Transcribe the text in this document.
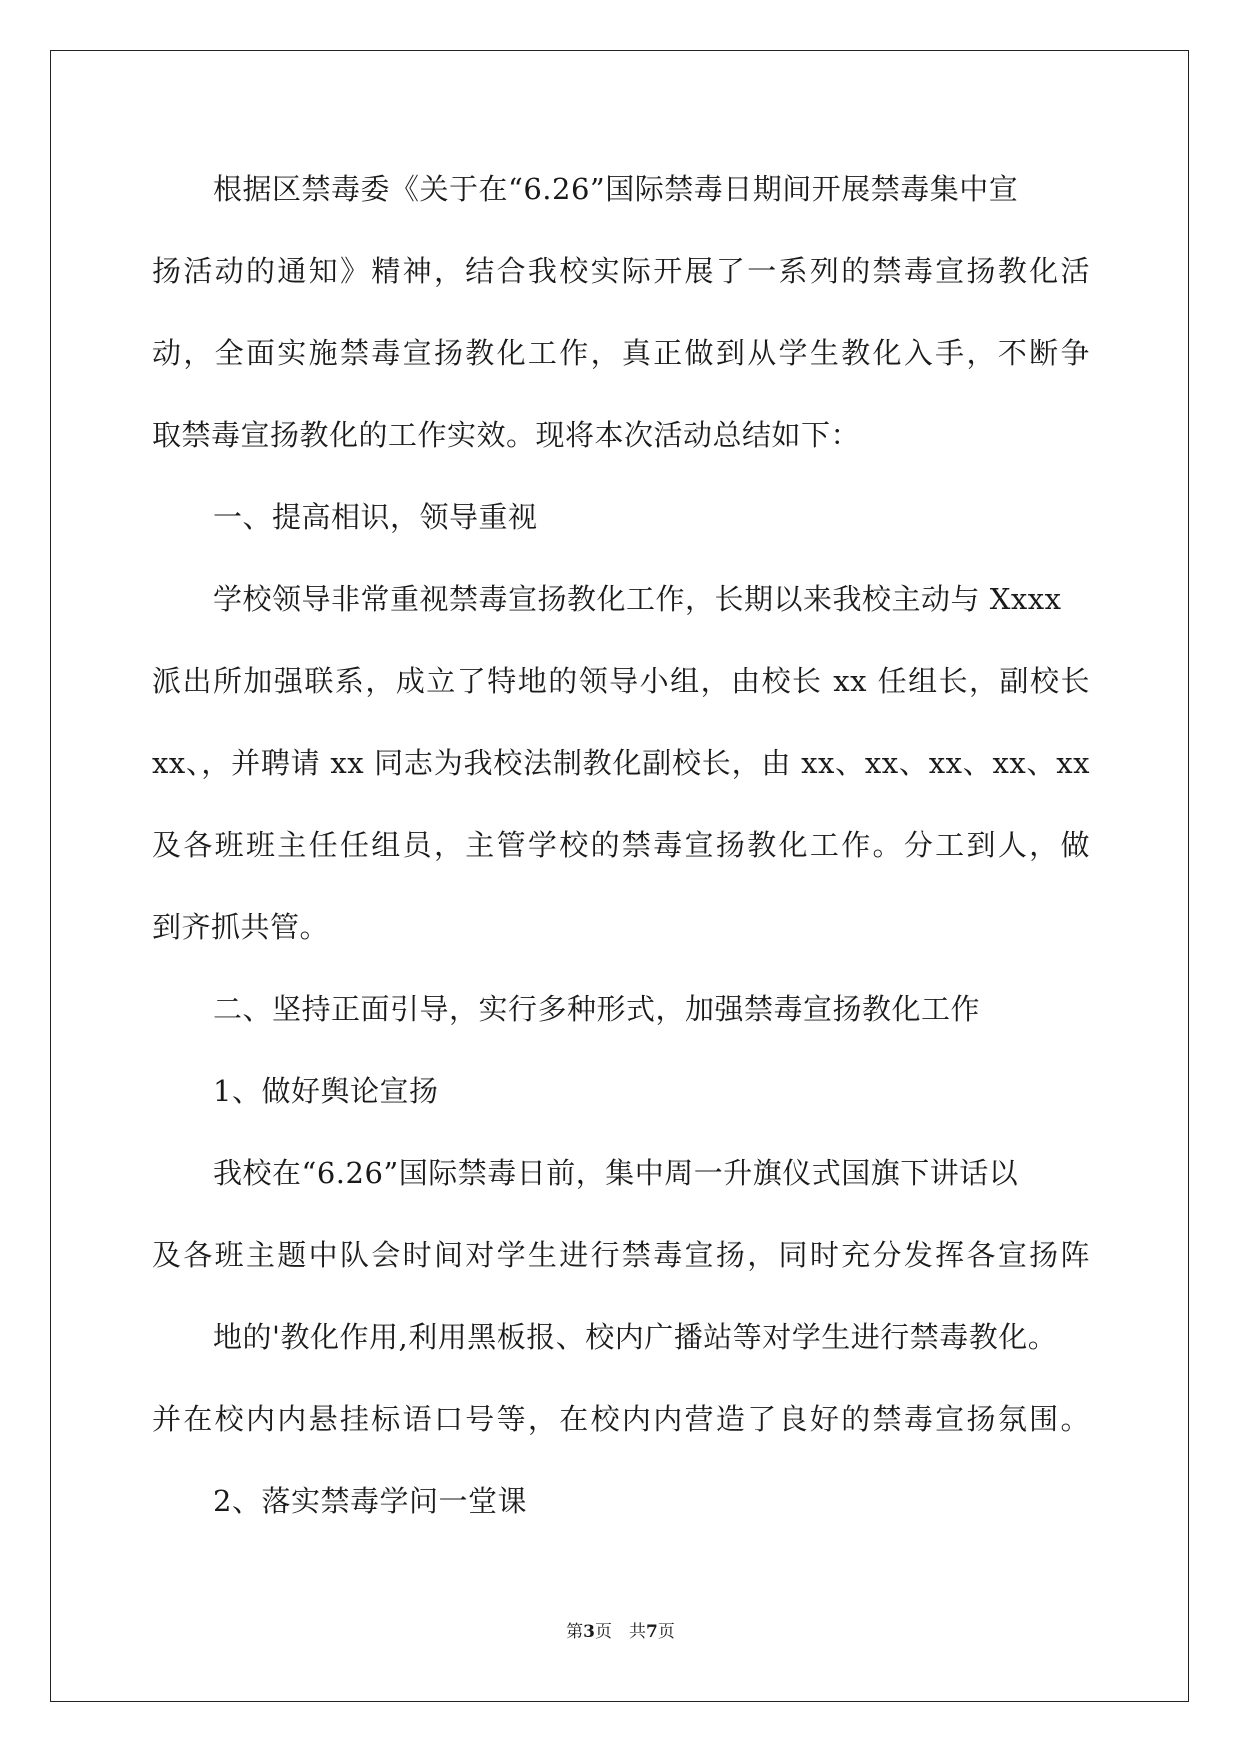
根据区禁毒委《关于在“6.26”国际禁毒日期间开展禁毒集中宣
扬活动的通知》精神，结合我校实际开展了一系列的禁毒宣扬教化活
动，全面实施禁毒宣扬教化工作，真正做到从学生教化入手，不断争
取禁毒宣扬教化的工作实效。现将本次活动总结如下：
一、提高相识，领导重视
学校领导非常重视禁毒宣扬教化工作，长期以来我校主动与 Xxxx
派出所加强联系，成立了特地的领导小组，由校长 xx 任组长，副校长
xx、，并聘请 xx 同志为我校法制教化副校长，由 xx、xx、xx、xx、xx
及各班班主任任组员，主管学校的禁毒宣扬教化工作。分工到人，做
到齐抓共管。
二、坚持正面引导，实行多种形式，加强禁毒宣扬教化工作
1、做好舆论宣扬
我校在“6.26”国际禁毒日前，集中周一升旗仪式国旗下讲话以
及各班主题中队会时间对学生进行禁毒宣扬，同时充分发挥各宣扬阵
地的'教化作用,利用黑板报、校内广播站等对学生进行禁毒教化。
并在校内内悬挂标语口号等，在校内内营造了良好的禁毒宣扬氛围。
2、落实禁毒学问一堂课
第3页　共7页
